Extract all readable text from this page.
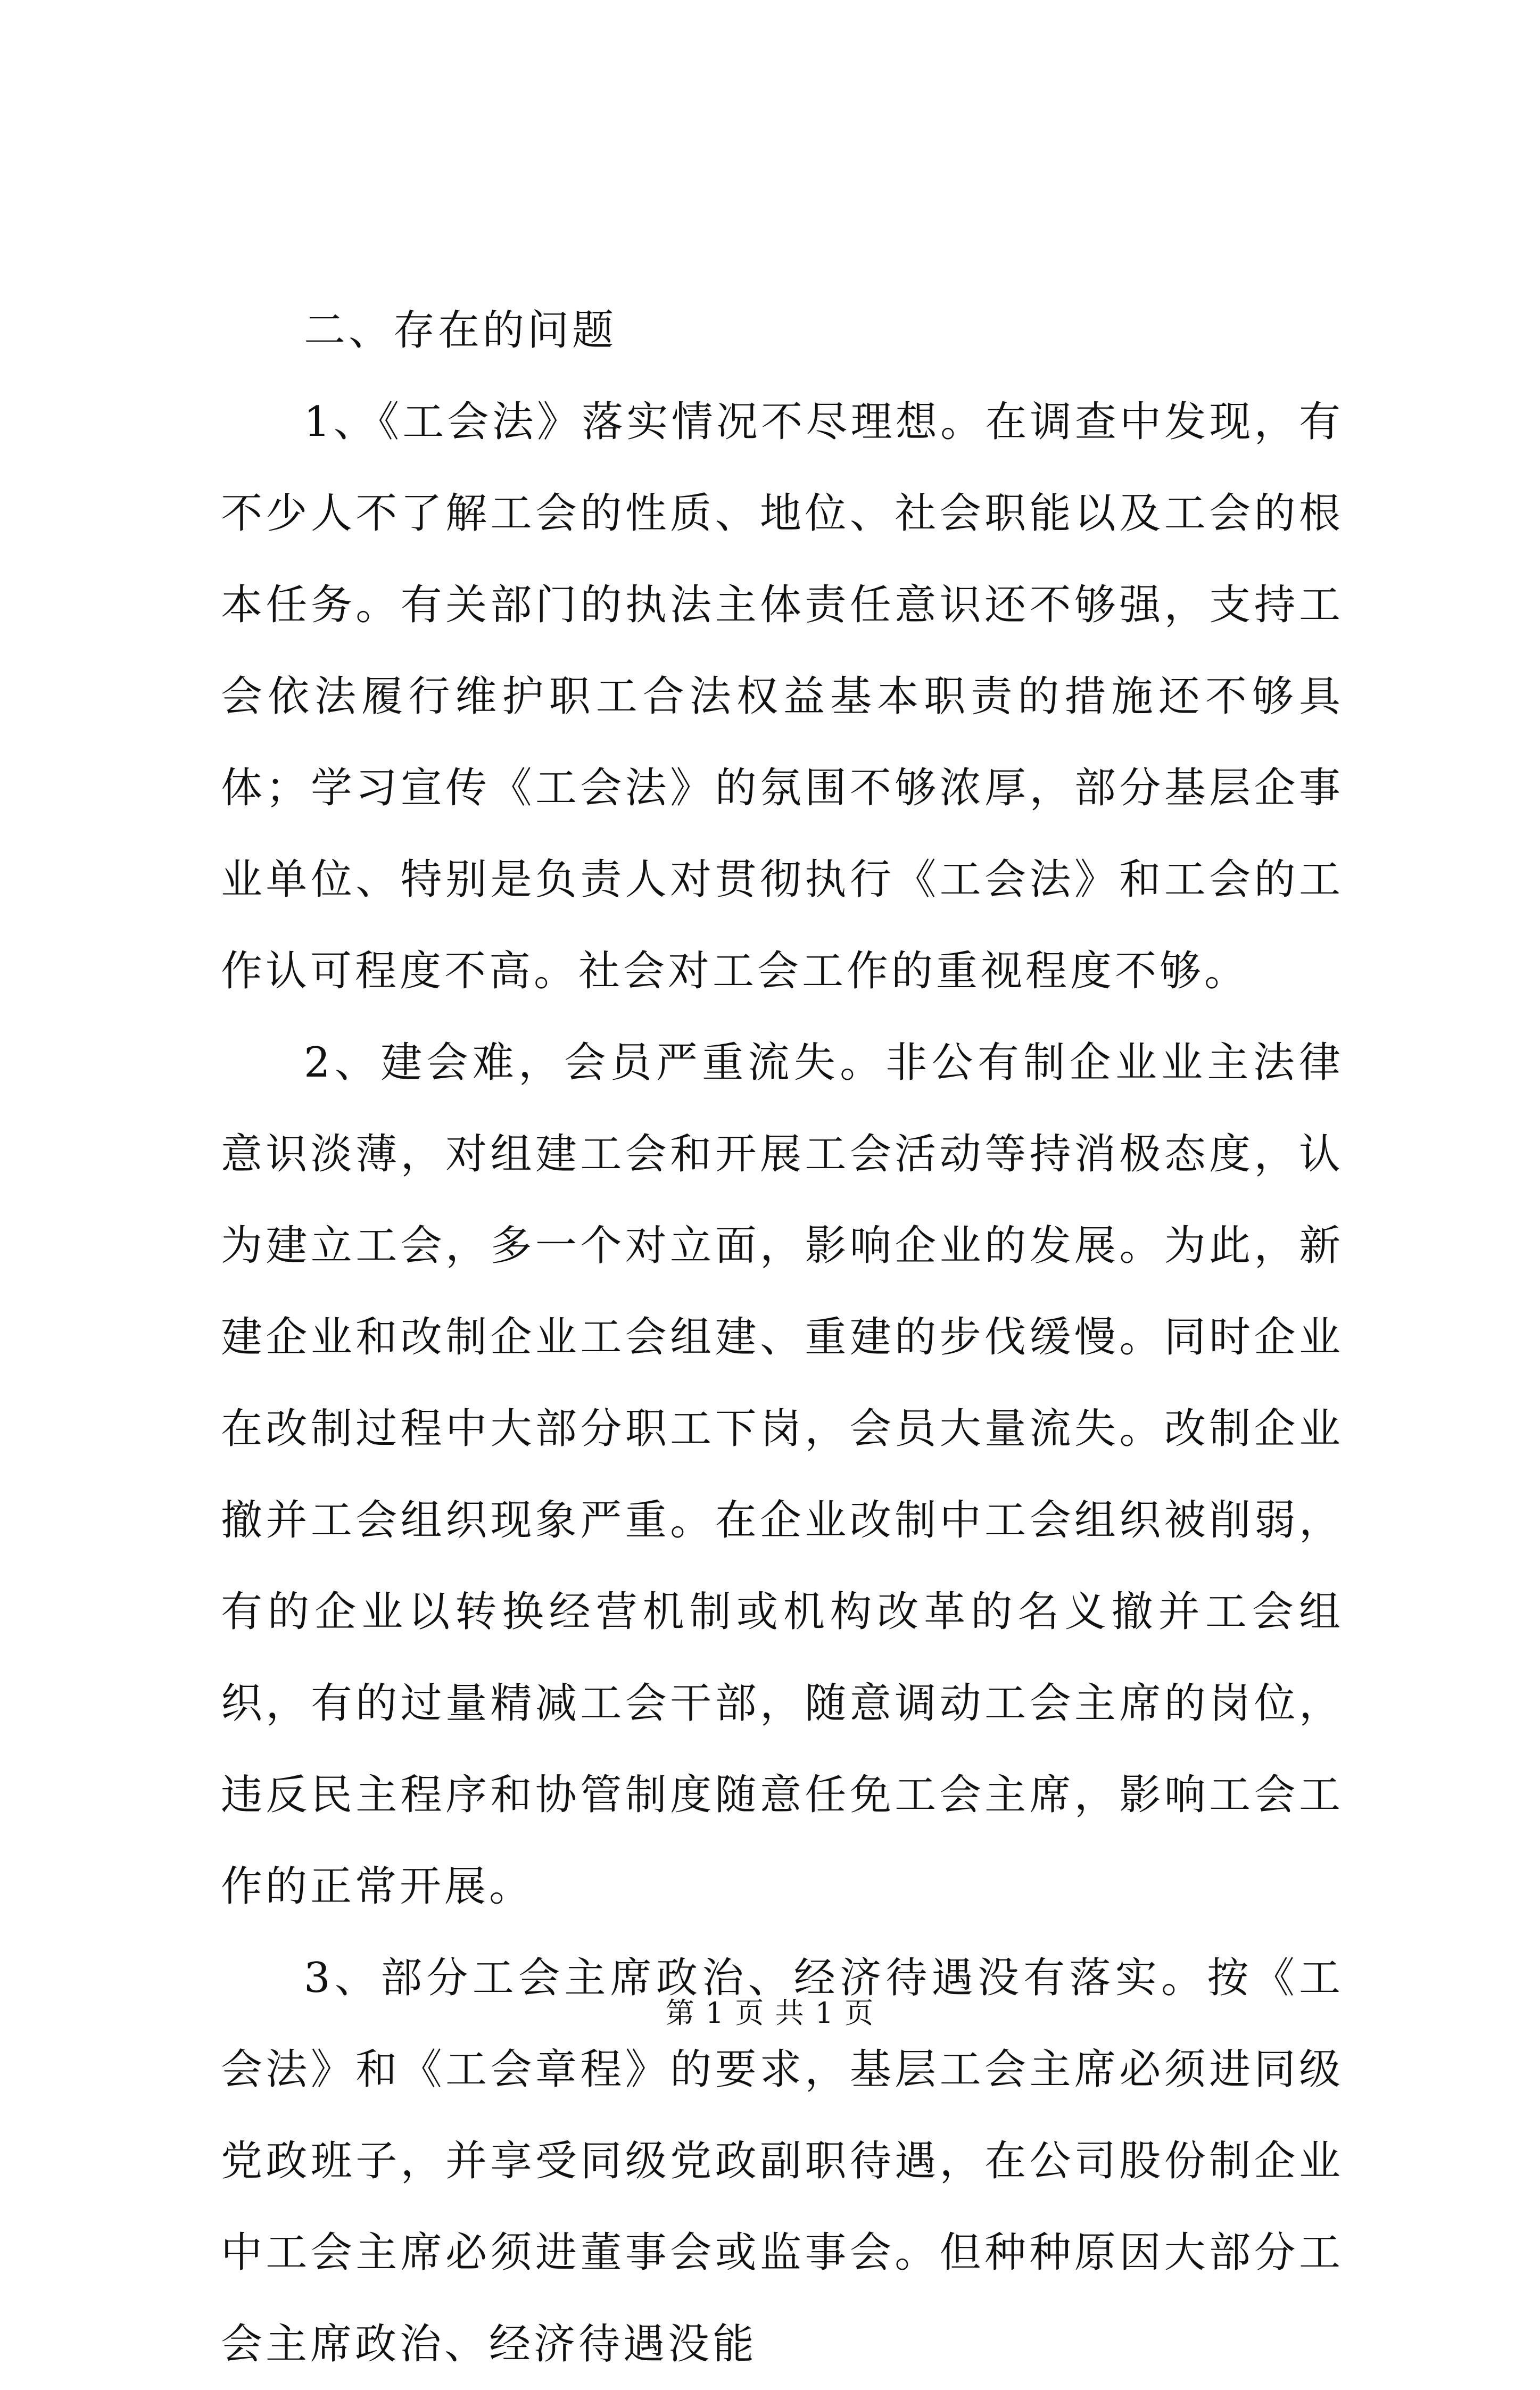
二、存在的问题

1、《工会法》落实情况不尽理想。在调查中发现，有不少人不了解工会的性质、地位、社会职能以及工会的根本任务。有关部门的执法主体责任意识还不够强，支持工会依法履行维护职工合法权益基本职责的措施还不够具体；学习宣传《工会法》的氛围不够浓厚，部分基层企事业单位、特别是负责人对贯彻执行《工会法》和工会的工作认可程度不高。社会对工会工作的重视程度不够。

2、建会难，会员严重流失。非公有制企业业主法律意识淡薄，对组建工会和开展工会活动等持消极态度，认为建立工会，多一个对立面，影响企业的发展。为此，新建企业和改制企业工会组建、重建的步伐缓慢。同时企业在改制过程中大部分职工下岗，会员大量流失。改制企业撤并工会组织现象严重。在企业改制中工会组织被削弱，有的企业以转换经营机制或机构改革的名义撤并工会组织，有的过量精减工会干部，随意调动工会主席的岗位，违反民主程序和协管制度随意任免工会主席，影响工会工作的正常开展。

3、部分工会主席政治、经济待遇没有落实。按《工会法》和《工会章程》的要求，基层工会主席必须进同级党政班子，并享受同级党政副职待遇，在公司股份制企业中工会主席必须进董事会或监事会。但种种原因大部分工会主席政治、经济待遇没能

第 1 页 共 1 页
